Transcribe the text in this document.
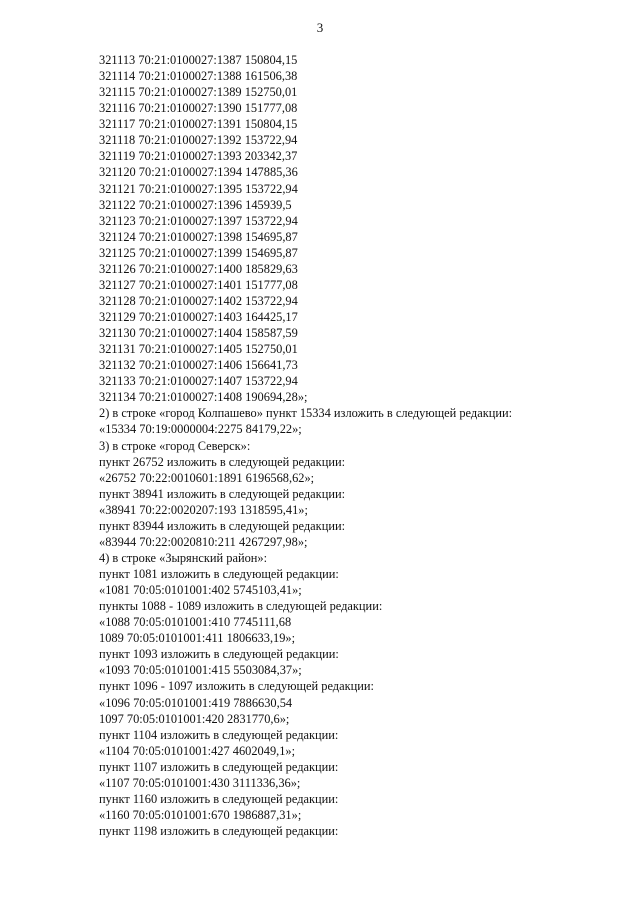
3
321113 70:21:0100027:1387 150804,15
321114 70:21:0100027:1388 161506,38
321115 70:21:0100027:1389 152750,01
321116 70:21:0100027:1390 151777,08
321117 70:21:0100027:1391 150804,15
321118 70:21:0100027:1392 153722,94
321119 70:21:0100027:1393 203342,37
321120 70:21:0100027:1394 147885,36
321121 70:21:0100027:1395 153722,94
321122 70:21:0100027:1396 145939,5
321123 70:21:0100027:1397 153722,94
321124 70:21:0100027:1398 154695,87
321125 70:21:0100027:1399 154695,87
321126 70:21:0100027:1400 185829,63
321127 70:21:0100027:1401 151777,08
321128 70:21:0100027:1402 153722,94
321129 70:21:0100027:1403 164425,17
321130 70:21:0100027:1404 158587,59
321131 70:21:0100027:1405 152750,01
321132 70:21:0100027:1406 156641,73
321133 70:21:0100027:1407 153722,94
321134 70:21:0100027:1408 190694,28»;
2) в строке «город Колпашево» пункт 15334 изложить в следующей редакции:
«15334 70:19:0000004:2275 84179,22»;
3) в строке «город Северск»:
пункт 26752 изложить в следующей редакции:
«26752 70:22:0010601:1891 6196568,62»;
пункт 38941 изложить в следующей редакции:
«38941 70:22:0020207:193 1318595,41»;
пункт 83944 изложить в следующей редакции:
«83944 70:22:0020810:211 4267297,98»;
4) в строке «Зырянский район»:
пункт 1081 изложить в следующей редакции:
«1081 70:05:0101001:402 5745103,41»;
пункты 1088 - 1089 изложить в следующей редакции:
«1088 70:05:0101001:410 7745111,68
1089 70:05:0101001:411 1806633,19»;
пункт 1093 изложить в следующей редакции:
«1093 70:05:0101001:415 5503084,37»;
пункт 1096 - 1097 изложить в следующей редакции:
«1096 70:05:0101001:419 7886630,54
1097 70:05:0101001:420 2831770,6»;
пункт 1104 изложить в следующей редакции:
«1104 70:05:0101001:427 4602049,1»;
пункт 1107 изложить в следующей редакции:
«1107 70:05:0101001:430 3111336,36»;
пункт 1160 изложить в следующей редакции:
«1160 70:05:0101001:670 1986887,31»;
пункт 1198 изложить в следующей редакции:
